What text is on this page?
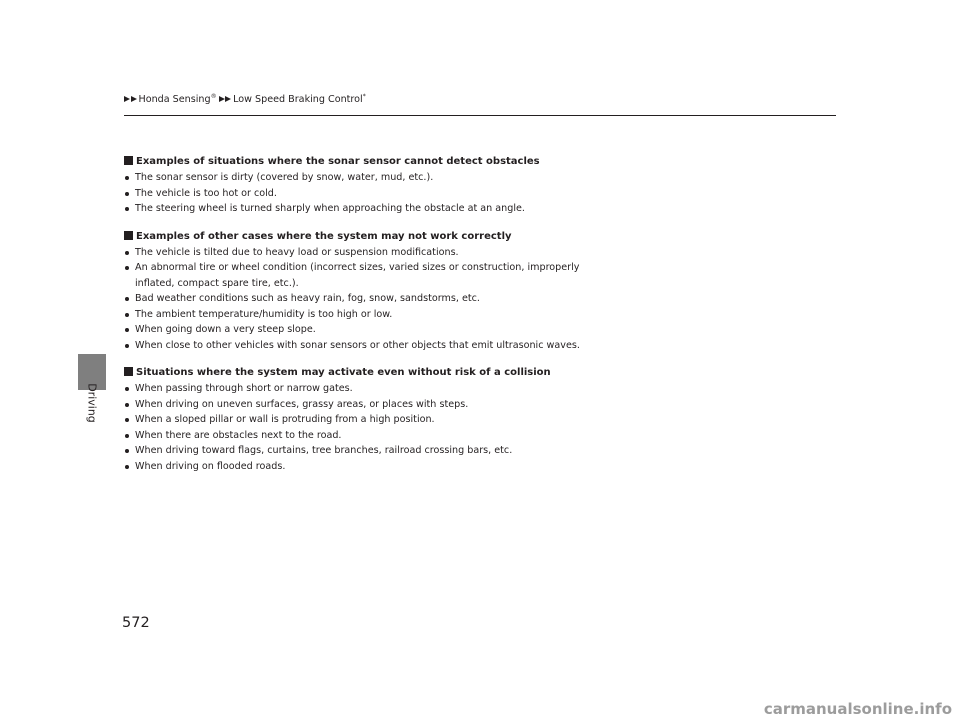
Honda Sensing® Low Speed Braking Control*
Driving
Examples of situations where the sonar sensor cannot detect obstacles
The sonar sensor is dirty (covered by snow, water, mud, etc.).
The vehicle is too hot or cold.
The steering wheel is turned sharply when approaching the obstacle at an angle.
Examples of other cases where the system may not work correctly
The vehicle is tilted due to heavy load or suspension modifications.
An abnormal tire or wheel condition (incorrect sizes, varied sizes or construction, improperly inflated, compact spare tire, etc.).
Bad weather conditions such as heavy rain, fog, snow, sandstorms, etc.
The ambient temperature/humidity is too high or low.
When going down a very steep slope.
When close to other vehicles with sonar sensors or other objects that emit ultrasonic waves.
Situations where the system may activate even without risk of a collision
When passing through short or narrow gates.
When driving on uneven surfaces, grassy areas, or places with steps.
When a sloped pillar or wall is protruding from a high position.
When there are obstacles next to the road.
When driving toward flags, curtains, tree branches, railroad crossing bars, etc.
When driving on flooded roads.
572
carmanualsonline.info
